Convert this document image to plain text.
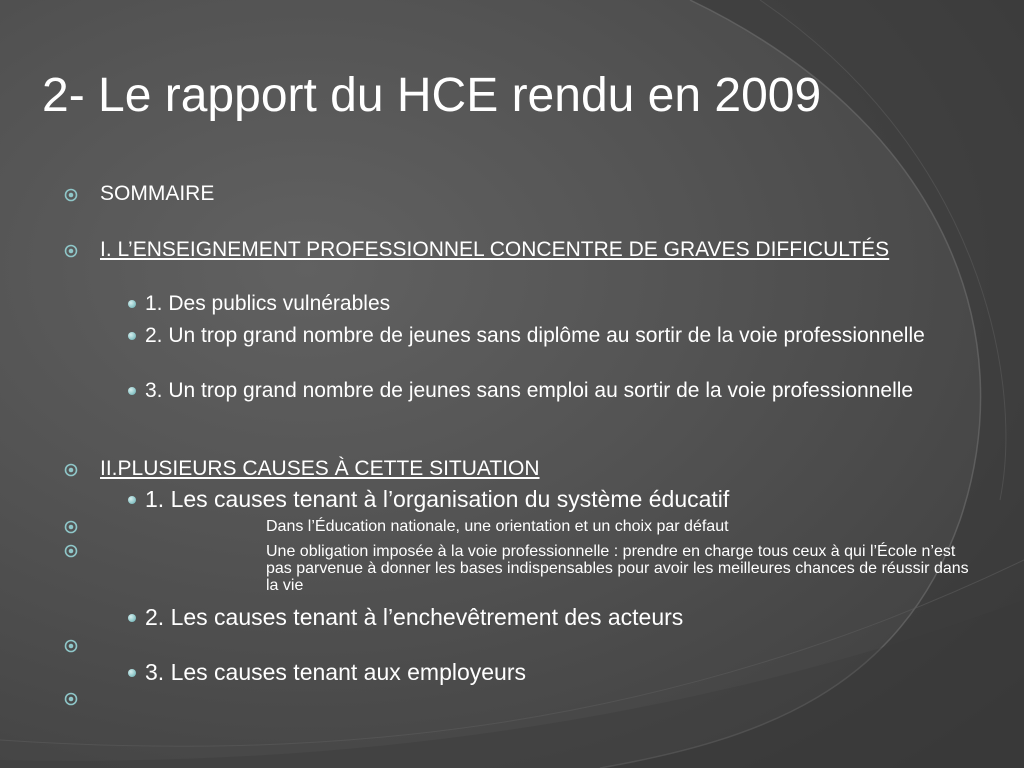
2- Le rapport du HCE rendu en 2009
SOMMAIRE
I. L’ENSEIGNEMENT PROFESSIONNEL CONCENTRE DE GRAVES DIFFICULTÉS
1. Des publics vulnérables
2. Un trop grand nombre de jeunes sans diplôme au sortir de la voie professionnelle
3. Un trop grand nombre de jeunes sans emploi au sortir de la voie professionnelle
II.PLUSIEURS CAUSES À CETTE SITUATION
1. Les causes tenant à l’organisation du système éducatif
Dans l’Éducation nationale, une orientation et un choix par défaut
Une obligation imposée à la voie professionnelle : prendre en charge tous ceux à qui l’École n’est pas parvenue à donner les bases indispensables pour avoir les meilleures chances de réussir dans la vie
2. Les causes tenant à l’enchevêtrement des acteurs
3. Les causes tenant aux employeurs
